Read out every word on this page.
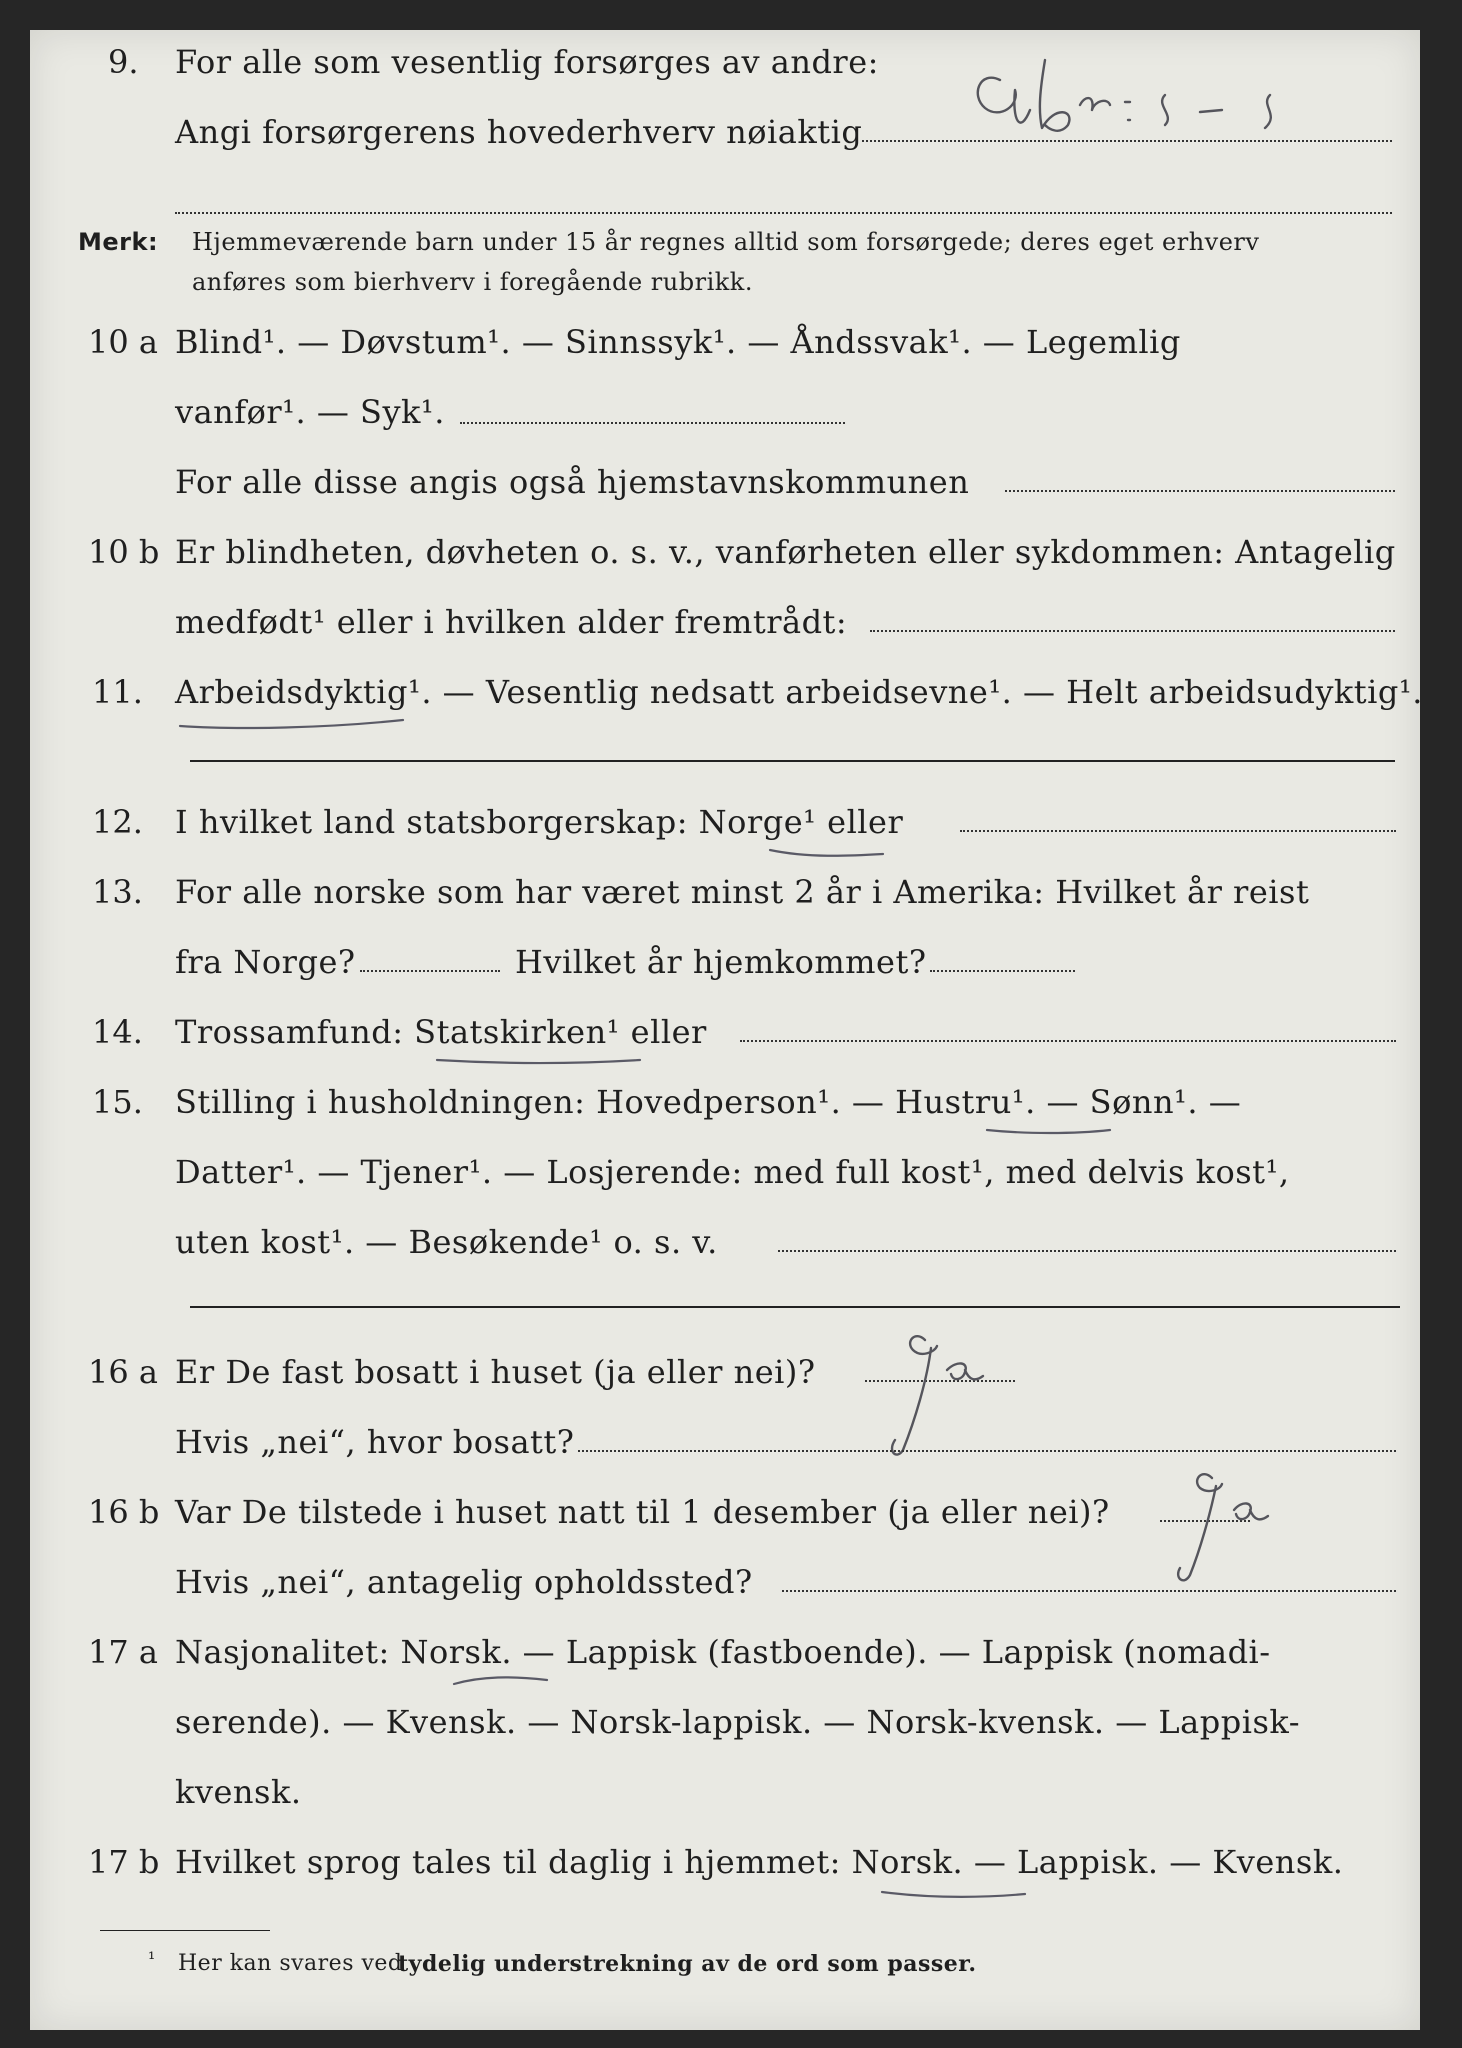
9. For alle som vesentlig forsørges av andre:
Angi forsørgerens hovederhverv nøiaktig
Merk: Hjemmeværende barn under 15 år regnes alltid som forsørgede; deres eget erhverv
anføres som bierhverv i foregående rubrikk.
10 a Blind¹. — Døvstum¹. — Sinnssyk¹. — Åndssvak¹. — Legemlig
vanfør¹. — Syk¹.
For alle disse angis også hjemstavnskommunen
10 b Er blindheten, døvheten o. s. v., vanførheten eller sykdommen: Antagelig
medfødt¹ eller i hvilken alder fremtrådt:
11. Arbeidsdyktig¹. — Vesentlig nedsatt arbeidsevne¹. — Helt arbeidsudyktig¹.
12. I hvilket land statsborgerskap: Norge¹ eller
13. For alle norske som har været minst 2 år i Amerika: Hvilket år reist
fra Norge?	Hvilket år hjemkommet?
14. Trossamfund: Statskirken¹ eller
15. Stilling i husholdningen: Hovedperson¹. — Hustru¹. — Sønn¹. —
Datter¹. — Tjener¹. — Losjerende: med full kost¹, med delvis kost¹,
uten kost¹. — Besøkende¹ o. s. v.
16 a Er De fast bosatt i huset (ja eller nei)?
Hvis „nei“, hvor bosatt?
16 b Var De tilstede i huset natt til 1 desember (ja eller nei)?
Hvis „nei“, antagelig opholdssted?
17 a Nasjonalitet: Norsk. — Lappisk (fastboende). — Lappisk (nomadi-
serende). — Kvensk. — Norsk-lappisk. — Norsk-kvensk. — Lappisk-
kvensk.
17 b Hvilket sprog tales til daglig i hjemmet: Norsk. — Lappisk. — Kvensk.
¹ Her kan svares ved
tydelig understrekning av de ord som passer.
